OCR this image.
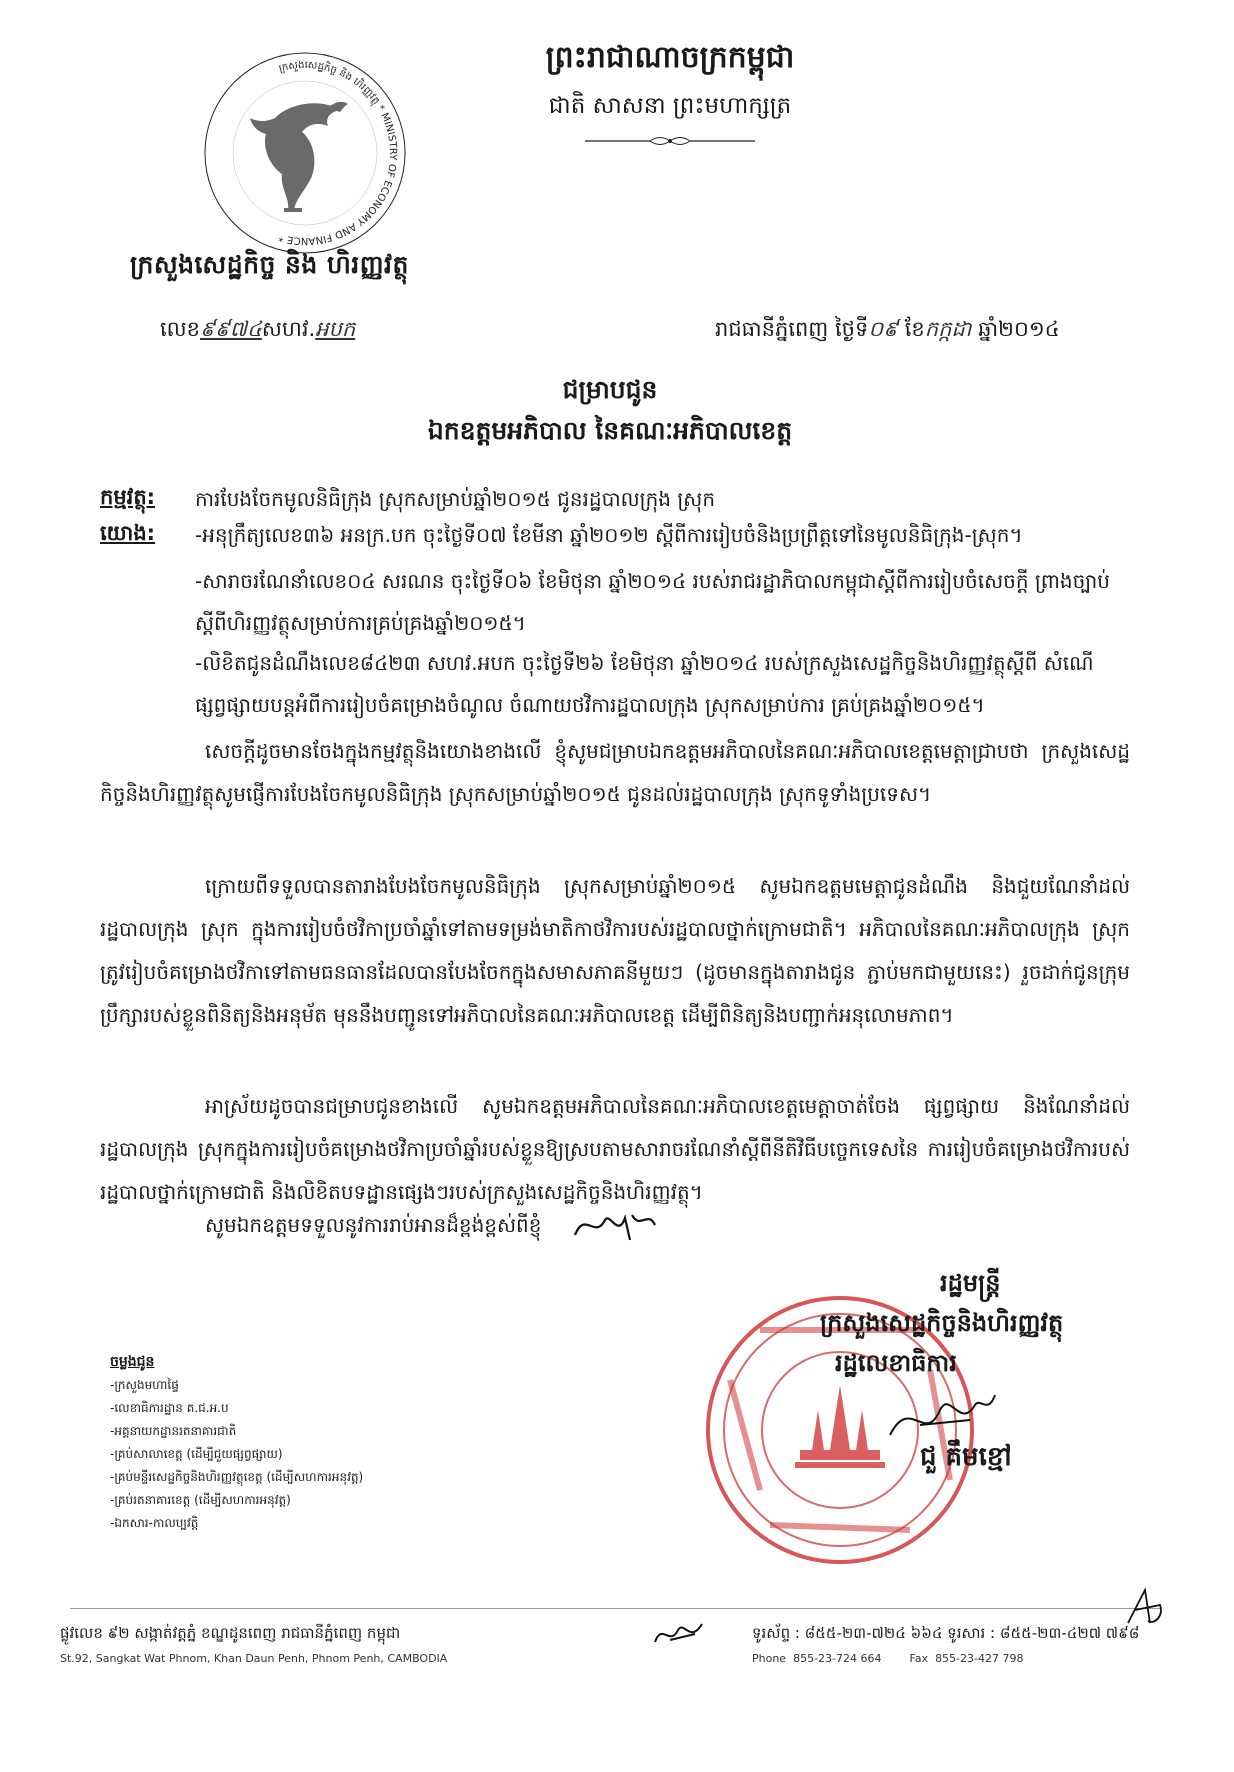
ក្រសួងសេដ្ឋកិច្ច និង ហិរញ្ញវត្ថុ * MINISTRY OF ECONOMY AND FINANCE *
ក្រសួងសេដ្ឋកិច្ច និង ហិរញ្ញវត្ថុ
ព្រះរាជាណាចក្រកម្ពុជា
ជាតិ សាសនា ព្រះមហាក្សត្រ
លេខ៩៩៧៤សហវ.អបក	រាជធានីភ្នំពេញ ថ្ងៃទី០៩ ខែកក្កដា ឆ្នាំ២០១៤
ជម្រាបជូន
ឯកឧត្តមអភិបាល នៃគណៈអភិបាលខេត្ត
កម្មវត្ថុ: ការបែងចែកមូលនិធិក្រុង ស្រុកសម្រាប់ឆ្នាំ២០១៥ ជូនរដ្ឋបាលក្រុង ស្រុក
យោង: -អនុក្រឹត្យលេខ៣៦ អនក្រ.បក ចុះថ្ងៃទី០៧ ខែមីនា ឆ្នាំ២០១២ ស្តីពីការរៀបចំនិងប្រព្រឹត្តទៅនៃមូលនិធិក្រុង-ស្រុក។
-សារាចរណែនាំលេខ០៤ សរណន ចុះថ្ងៃទី០៦ ខែមិថុនា ឆ្នាំ២០១៤ របស់រាជរដ្ឋាភិបាលកម្ពុជាស្តីពីការរៀបចំសេចក្តី ព្រាងច្បាប់ស្តីពីហិរញ្ញវត្ថុសម្រាប់ការគ្រប់គ្រងឆ្នាំ២០១៥។
-លិខិតជូនដំណឹងលេខ៨៤២៣ សហវ.អបក ចុះថ្ងៃទី២៦ ខែមិថុនា ឆ្នាំ២០១៤ របស់ក្រសួងសេដ្ឋកិច្ចនិងហិរញ្ញវត្ថុស្តីពី សំណើផ្សព្វផ្សាយបន្តអំពីការរៀបចំគម្រោងចំណូល ចំណាយថវិការដ្ឋបាលក្រុង ស្រុកសម្រាប់ការ គ្រប់គ្រងឆ្នាំ២០១៥។
សេចក្តីដូចមានចែងក្នុងកម្មវត្ថុនិងយោងខាងលើ ខ្ញុំសូមជម្រាបឯកឧត្តមអភិបាលនៃគណៈអភិបាលខេត្តមេត្តាជ្រាបថា ក្រសួងសេដ្ឋកិច្ចនិងហិរញ្ញវត្ថុសូមផ្ញើការបែងចែកមូលនិធិក្រុង ស្រុកសម្រាប់ឆ្នាំ២០១៥ ជូនដល់រដ្ឋបាលក្រុង ស្រុកទូទាំងប្រទេស។
ក្រោយពីទទួលបានតារាងបែងចែកមូលនិធិក្រុង ស្រុកសម្រាប់ឆ្នាំ២០១៥ សូមឯកឧត្តមមេត្តាជូនដំណឹង និងជួយណែនាំដល់រដ្ឋបាលក្រុង ស្រុក ក្នុងការរៀបចំថវិកាប្រចាំឆ្នាំទៅតាមទម្រង់មាតិកាថវិការបស់រដ្ឋបាលថ្នាក់ក្រោមជាតិ។ អភិបាលនៃគណៈអភិបាលក្រុង ស្រុក ត្រូវរៀបចំគម្រោងថវិកាទៅតាមធនធានដែលបានបែងចែកក្នុងសមាសភាគនីមួយៗ (ដូចមានក្នុងតារាងជូន ភ្ជាប់មកជាមួយនេះ) រួចដាក់ជូនក្រុមប្រឹក្សារបស់ខ្លួនពិនិត្យនិងអនុម័ត មុននឹងបញ្ជូនទៅអភិបាលនៃគណៈអភិបាលខេត្ត ដើម្បីពិនិត្យនិងបញ្ជាក់អនុលោមភាព។
អាស្រ័យដូចបានជម្រាបជូនខាងលើ សូមឯកឧត្តមអភិបាលនៃគណៈអភិបាលខេត្តមេត្តាចាត់ចែង ផ្សព្វផ្សាយ និងណែនាំដល់រដ្ឋបាលក្រុង ស្រុកក្នុងការរៀបចំគម្រោងថវិកាប្រចាំឆ្នាំរបស់ខ្លួនឱ្យស្របតាមសារាចរណែនាំស្តីពីនីតិវិធីបច្ចេកទេសនៃ ការរៀបចំគម្រោងថវិការបស់រដ្ឋបាលថ្នាក់ក្រោមជាតិ និងលិខិតបទដ្ឋានផ្សេងៗរបស់ក្រសួងសេដ្ឋកិច្ចនិងហិរញ្ញវត្ថុ។
សូមឯកឧត្តមទទួលនូវការរាប់អានដ៏ខ្ពង់ខ្ពស់ពីខ្ញុំ
រដ្ឋមន្ត្រី
ក្រសួងសេដ្ឋកិច្ចនិងហិរញ្ញវត្ថុ
រដ្ឋលេខាធិការ
ជួ គឹមខ្មៅ
ចម្លងជូន
-ក្រសួងមហាផ្ទៃ
-លេខាធិការដ្ឋាន គ.ជ.អ.ប
-អគ្គនាយកដ្ឋានរតនាគារជាតិ
-គ្រប់សាលាខេត្ត (ដើម្បីជួយផ្សព្វផ្សាយ)
-គ្រប់មន្ទីរសេដ្ឋកិច្ចនិងហិរញ្ញវត្ថុខេត្ត (ដើម្បីសហការអនុវត្ត)
-គ្រប់រតនាគារខេត្ត (ដើម្បីសហការអនុវត្ត)
-ឯកសារ-កាលប្បវត្តិ
ផ្លូវលេខ ៩២ សង្កាត់វត្តភ្នំ ខណ្ឌដូនពេញ រាជធានីភ្នំពេញ កម្ពុជា
St.92, Sangkat Wat Phnom, Khan Daun Penh, Phnom Penh, CAMBODIA
ទូរស័ព្ទ : ៨៥៥-២៣-៧២៤ ៦៦៤ ទូរសារ : ៨៥៥-២៣-៤២៧ ៧៩៨
Phone 855-23-724 664	Fax 855-23-427 798
